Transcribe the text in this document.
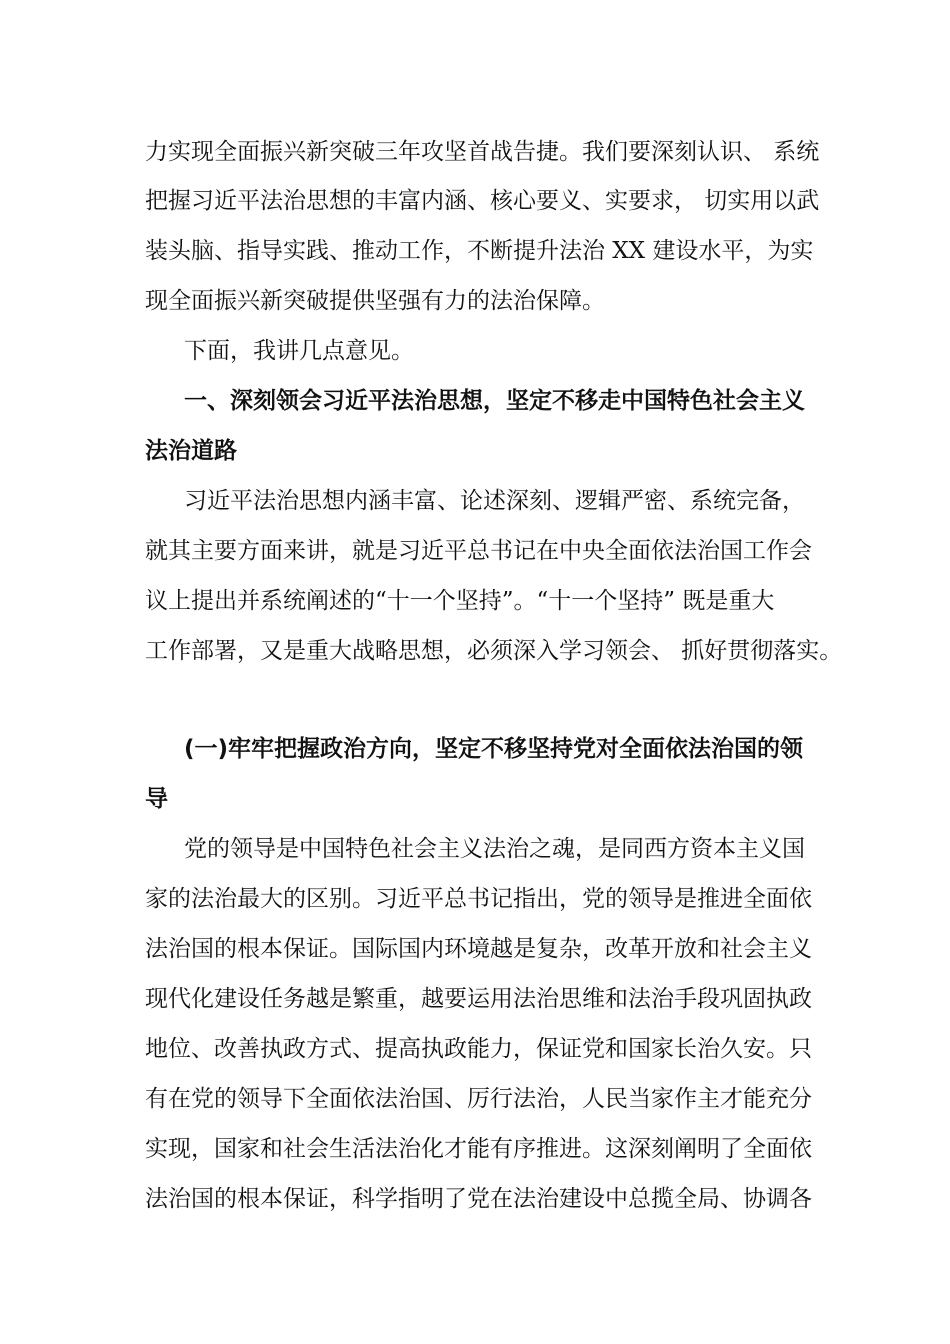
力实现全面振兴新突破三年攻坚首战告捷。我们要深刻认识、 系统
把握习近平法治思想的丰富内涵、核心要义、实要求， 切实用以武
装头脑、指导实践、推动工作，不断提升法治 XX 建设水平，为实
现全面振兴新突破提供坚强有力的法治保障。
下面，我讲几点意见。
一、深刻领会习近平法治思想，坚定不移走中国特色社会主义
法治道路
习近平法治思想内涵丰富、论述深刻、逻辑严密、系统完备，
就其主要方面来讲，就是习近平总书记在中央全面依法治国工作会
议上提出并系统阐述的“十一个坚持”。“十一个坚持” 既是重大
工作部署，又是重大战略思想，必须深入学习领会、 抓好贯彻落实。
(一)牢牢把握政治方向，坚定不移坚持党对全面依法治国的领
导
党的领导是中国特色社会主义法治之魂，是同西方资本主义国
家的法治最大的区别。习近平总书记指出，党的领导是推进全面依
法治国的根本保证。国际国内环境越是复杂，改革开放和社会主义
现代化建设任务越是繁重，越要运用法治思维和法治手段巩固执政
地位、改善执政方式、提高执政能力，保证党和国家长治久安。只
有在党的领导下全面依法治国、厉行法治，人民当家作主才能充分
实现，国家和社会生活法治化才能有序推进。这深刻阐明了全面依
法治国的根本保证，科学指明了党在法治建设中总揽全局、协调各
